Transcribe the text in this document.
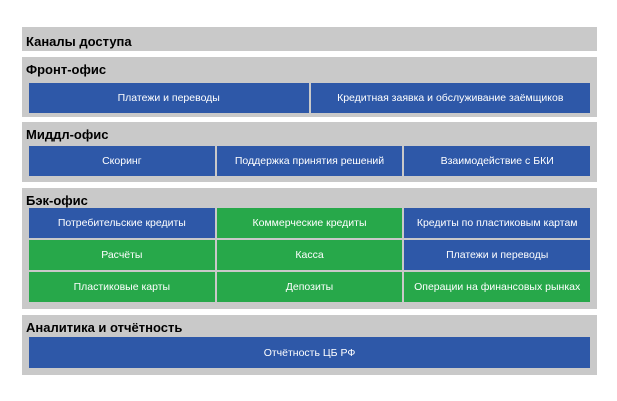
Каналы доступа
Фронт-офис
Платежи и переводы	Кредитная заявка и обслуживание заёмщиков
Миддл-офис
Скоринг	Поддержка принятия решений	Взаимодействие с БКИ
Бэк-офис
Потребительские кредиты	Коммерческие кредиты	Кредиты по пластиковым картам
Расчёты	Касса	Платежи и переводы
Пластиковые карты	Депозиты	Операции на финансовых рынках
Аналитика и отчётность
Отчётность ЦБ РФ
